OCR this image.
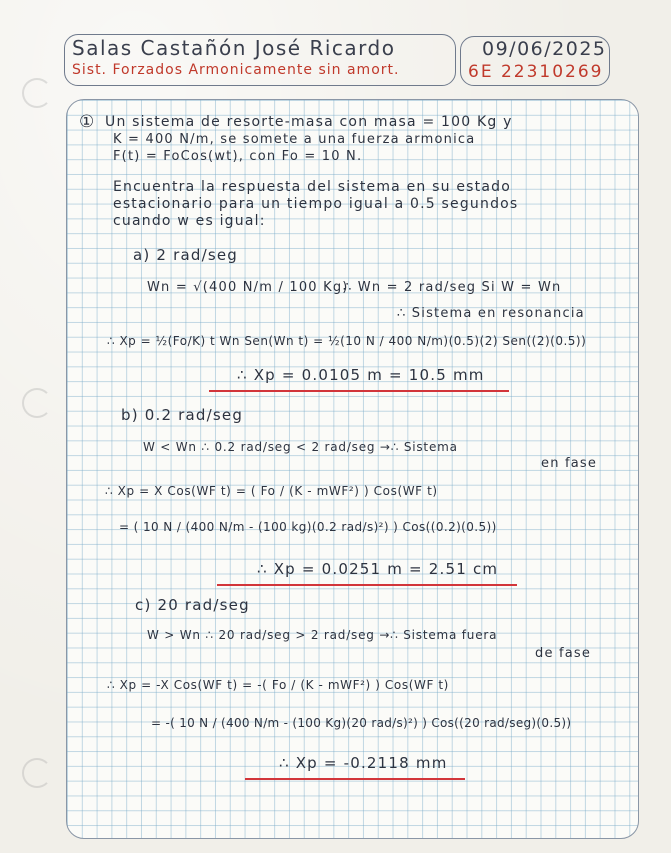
Salas Castañón José Ricardo
Sist. Forzados Armonicamente sin amort.
09/06/2025
6E 22310269
① Un sistema de resorte-masa con masa = 100 Kg y
K = 400 N/m, se somete a una fuerza armonica
F(t) = FoCos(wt), con Fo = 10 N.
Encuentra la respuesta del sistema en su estado
estacionario para un tiempo igual a 0.5 segundos
cuando w es igual:
a) 2 rad/seg
Wn = √(400 N/m / 100 Kg)
∴ Wn = 2 rad/seg Si W = Wn
∴ Sistema en resonancia
∴ Xp = ½(Fo/K) t Wn Sen(Wn t) = ½(10 N / 400 N/m)(0.5)(2) Sen((2)(0.5))
∴ Xp = 0.0105 m = 10.5 mm
b) 0.2 rad/seg
W < Wn ∴ 0.2 rad/seg < 2 rad/seg →∴ Sistema
en fase
∴ Xp = X Cos(WF t) = ( Fo / (K - mWF²) ) Cos(WF t)
= ( 10 N / (400 N/m - (100 kg)(0.2 rad/s)²) ) Cos((0.2)(0.5))
∴ Xp = 0.0251 m = 2.51 cm
c) 20 rad/seg
W > Wn ∴ 20 rad/seg > 2 rad/seg →∴ Sistema fuera
de fase
∴ Xp = -X Cos(WF t) = -( Fo / (K - mWF²) ) Cos(WF t)
= -( 10 N / (400 N/m - (100 Kg)(20 rad/s)²) ) Cos((20 rad/seg)(0.5))
∴ Xp = -0.2118 mm
